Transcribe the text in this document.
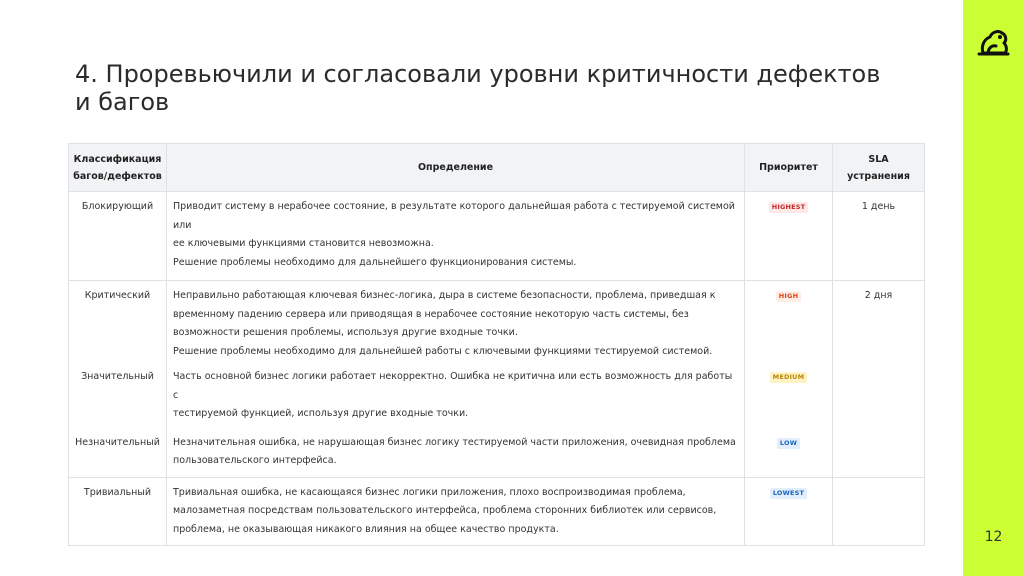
4. Проревьючили и согласовали уровни критичности дефектов и багов
12
Классификация багов/дефектов	Определение	Приоритет	SLA устранения
Блокирующий	Приводит систему в нерабочее состояние, в результате которого дальнейшая работа с тестируемой системой или
ее ключевыми функциями становится невозможна.
Решение проблемы необходимо для дальнейшего функционирования системы.	HIGHEST	1 день
Критический	Неправильно работающая ключевая бизнес-логика, дыра в системе безопасности, проблема, приведшая к
временному падению сервера или приводящая в нерабочее состояние некоторую часть системы, без
возможности решения проблемы, используя другие входные точки.
Решение проблемы необходимо для дальнейшей работы с ключевыми функциями тестируемой системой.	HIGH	2 дня
Значительный	Часть основной бизнес логики работает некорректно. Ошибка не критична или есть возможность для работы с
тестируемой функцией, используя другие входные точки.	MEDIUM	
Незначительный	Незначительная ошибка, не нарушающая бизнес логику тестируемой части приложения, очевидная проблема
пользовательского интерфейса.	LOW	
Тривиальный	Тривиальная ошибка, не касающаяся бизнес логики приложения, плохо воспроизводимая проблема,
малозаметная посредствам пользовательского интерфейса, проблема сторонних библиотек или сервисов,
проблема, не оказывающая никакого влияния на общее качество продукта.	LOWEST	
